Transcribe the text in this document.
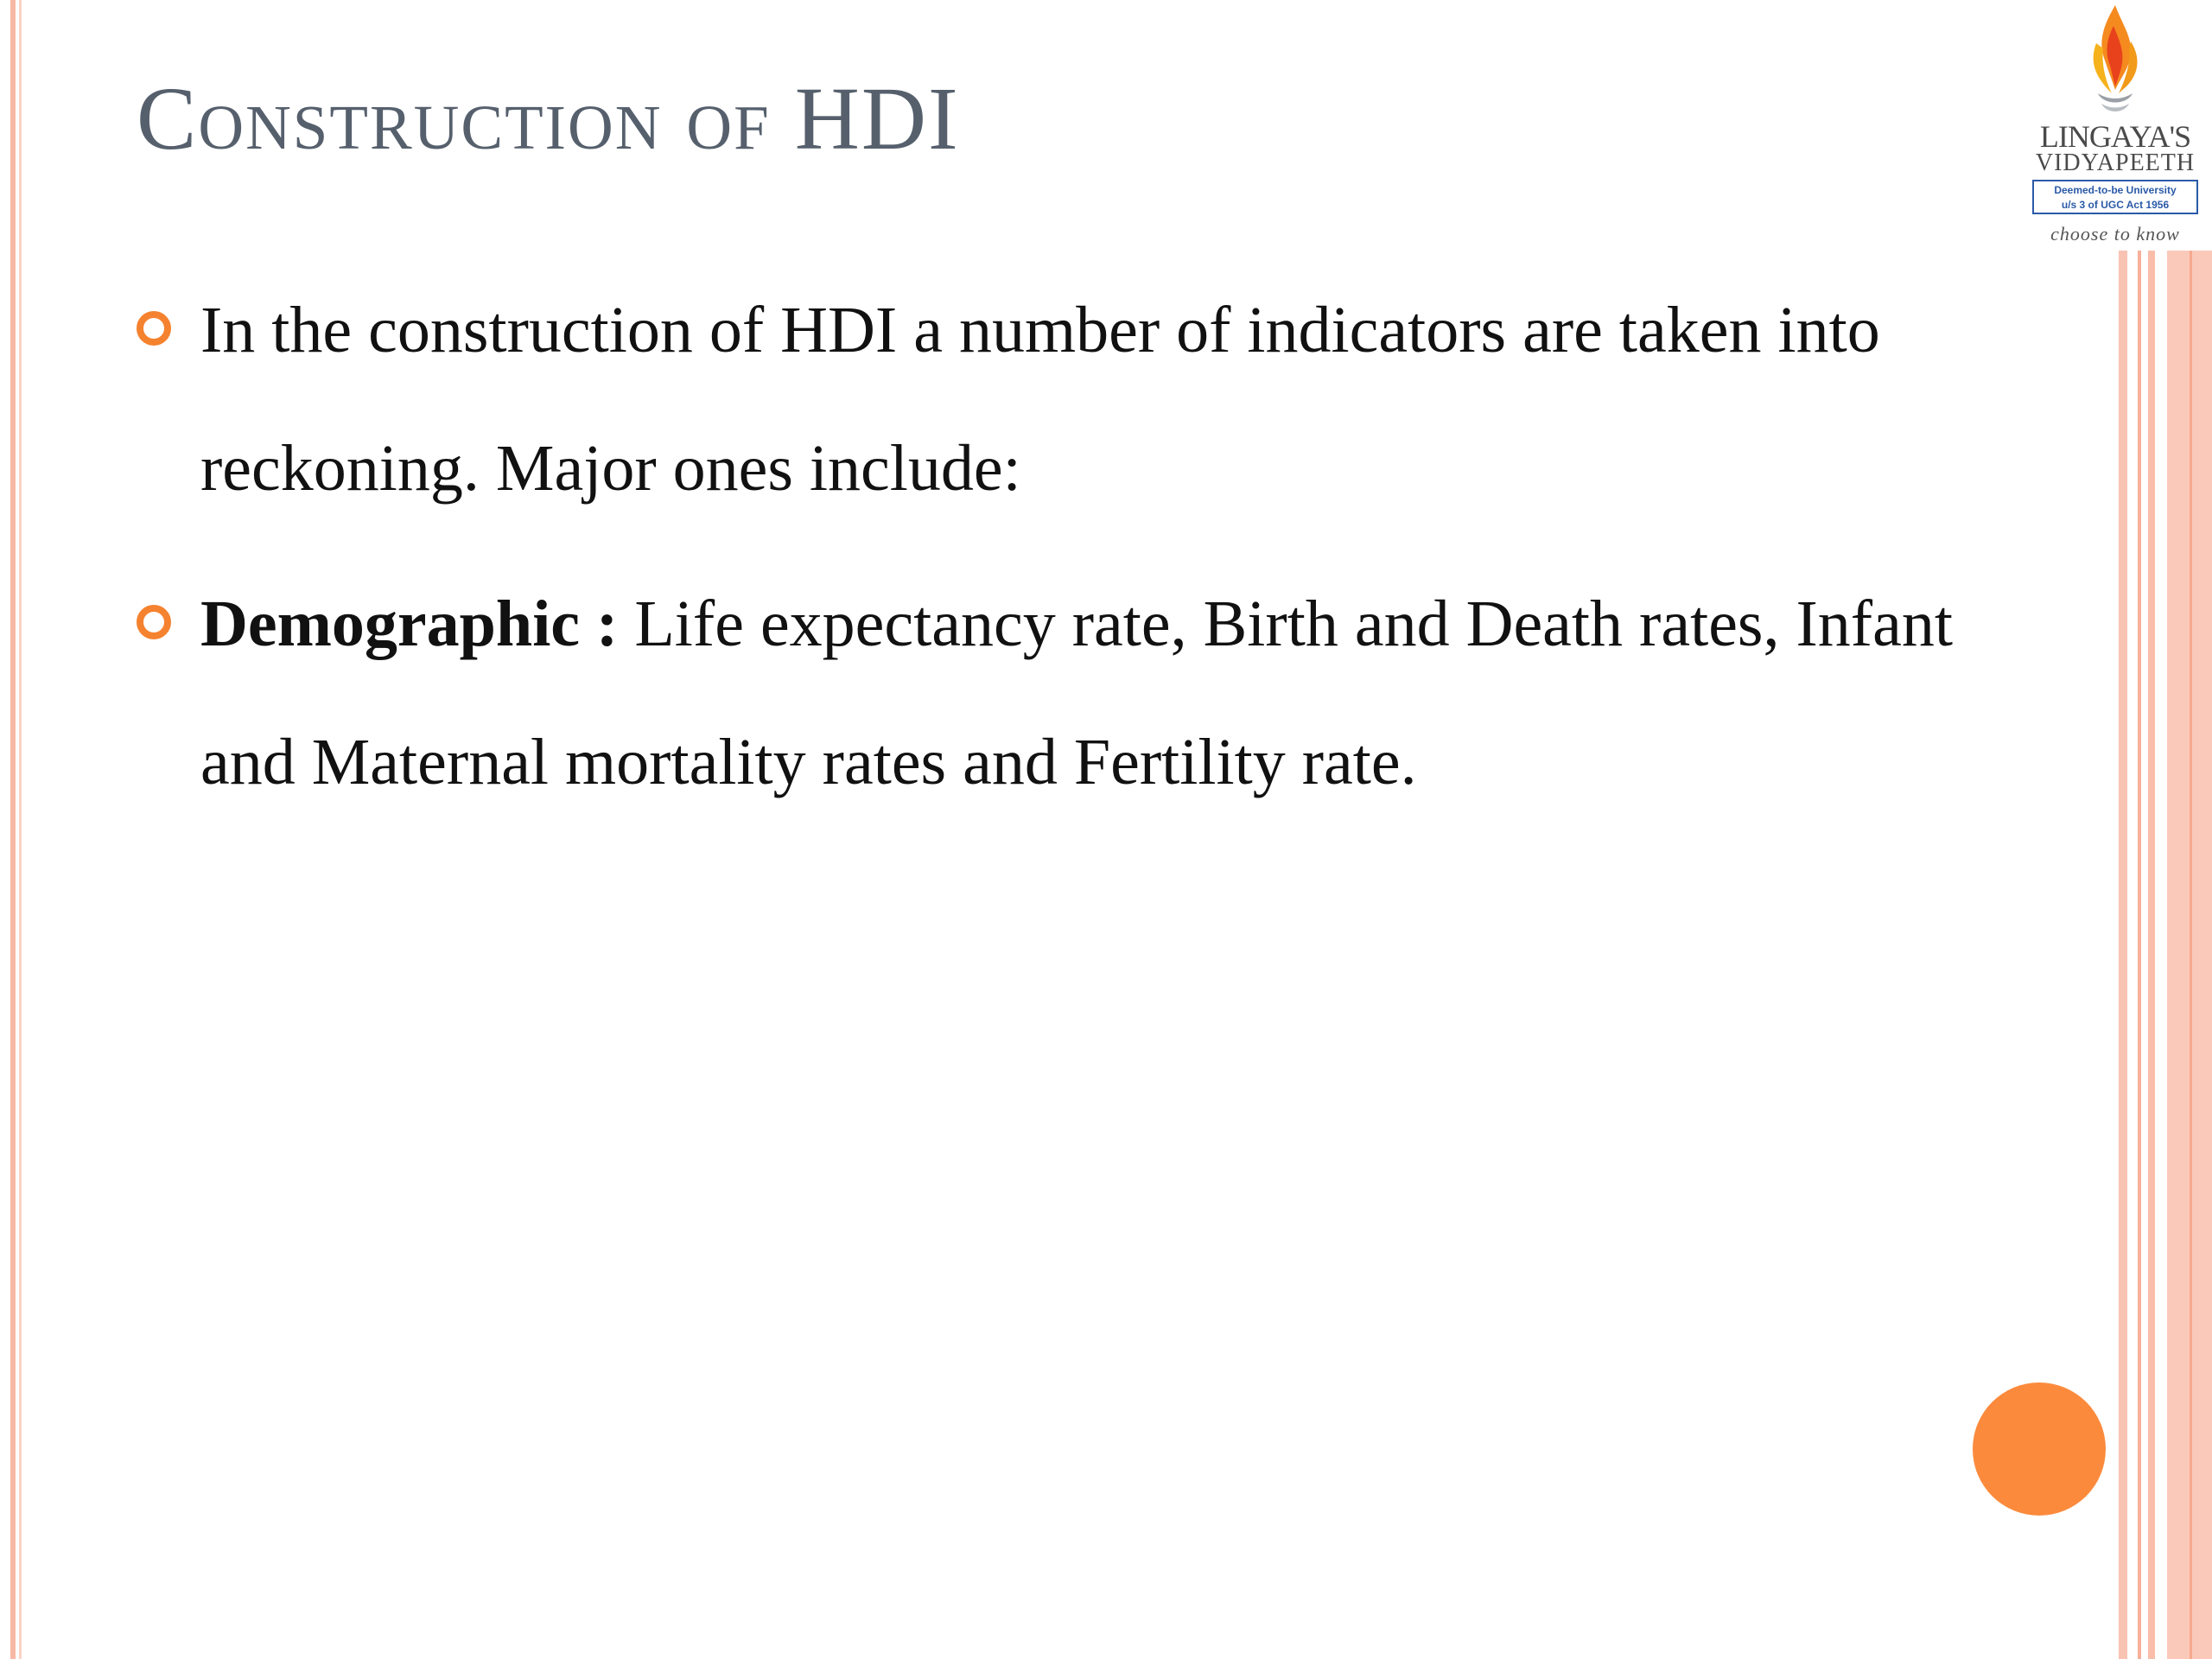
Construction of HDI
In the construction of HDI a number of indicators are taken into reckoning. Major ones include:
Demographic : Life expectancy rate, Birth and Death rates, Infant and Maternal mortality rates and Fertility rate.
LINGAYA'S
VIDYAPEETH
Deemed-to-be University
u/s 3 of UGC Act 1956
choose to know
